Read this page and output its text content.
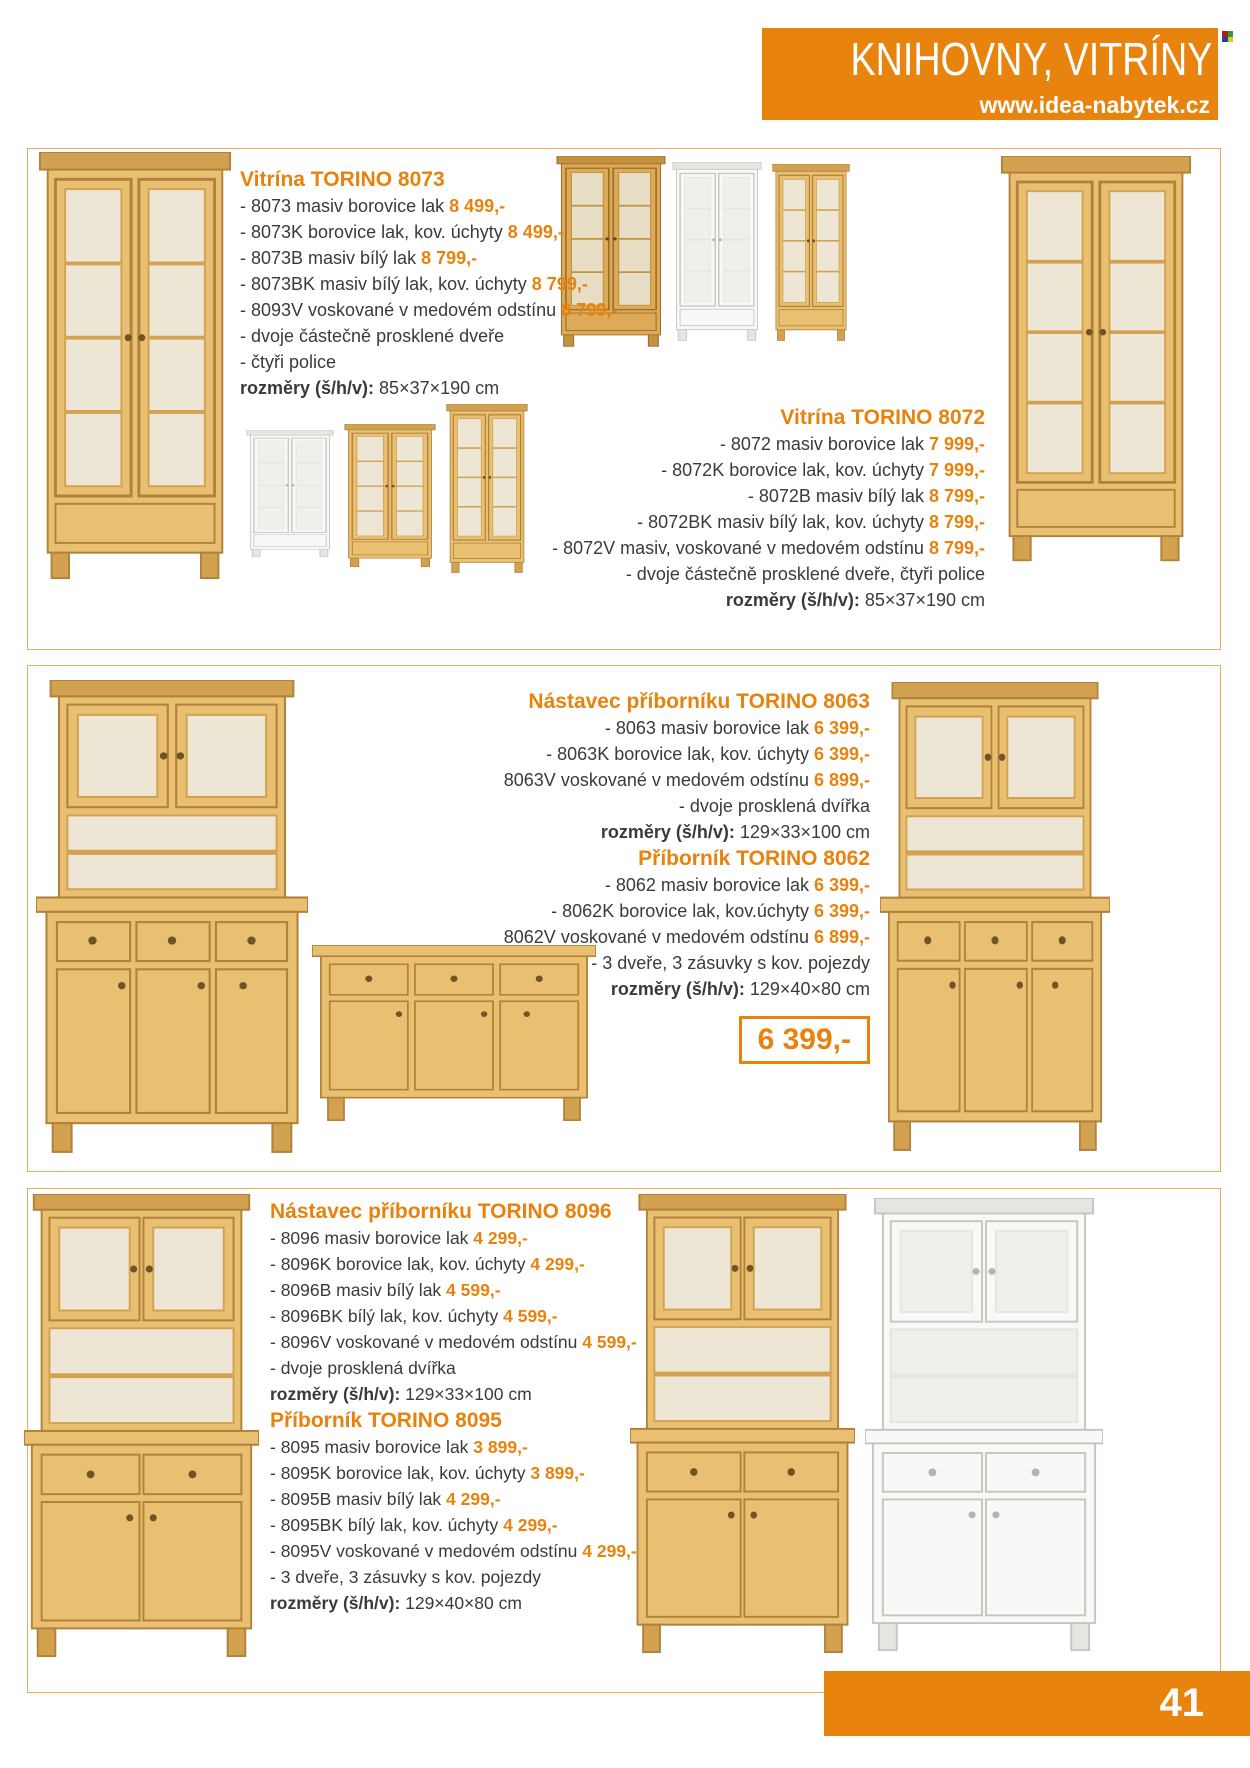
KNIHOVNY, VITRÍNY
www.idea-nabytek.cz
Vitrína TORINO 8073
- 8073 masiv borovice lak 8 499,-
- 8073K borovice lak, kov. úchyty 8 499,-
- 8073B masiv bílý lak 8 799,-
- 8073BK masiv bílý lak, kov. úchyty 8 799,-
- 8093V voskované v medovém odstínu 8 799,-
- dvoje částečně prosklené dveře
- čtyři police
rozměry (š/h/v): 85×37×190 cm
Vitrína TORINO 8072
- 8072 masiv borovice lak 7 999,-
- 8072K borovice lak, kov. úchyty 7 999,-
- 8072B masiv bílý lak 8 799,-
- 8072BK masiv bílý lak, kov. úchyty 8 799,-
- 8072V masiv, voskované v medovém odstínu 8 799,-
- dvoje částečně prosklené dveře, čtyři police
rozměry (š/h/v): 85×37×190 cm
Nástavec příborníku TORINO 8063
- 8063 masiv borovice lak 6 399,-
- 8063K borovice lak, kov. úchyty 6 399,-
8063V voskované v medovém odstínu 6 899,-
- dvoje prosklená dvířka
rozměry (š/h/v): 129×33×100 cm
Příborník TORINO 8062
- 8062 masiv borovice lak 6 399,-
- 8062K borovice lak, kov.úchyty 6 399,-
8062V voskované v medovém odstínu 6 899,-
- 3 dveře, 3 zásuvky s kov. pojezdy
rozměry (š/h/v): 129×40×80 cm
6 399,-
Nástavec příborníku TORINO 8096
- 8096 masiv borovice lak 4 299,-
- 8096K borovice lak, kov. úchyty 4 299,-
- 8096B masiv bílý lak 4 599,-
- 8096BK bílý lak, kov. úchyty 4 599,-
- 8096V voskované v medovém odstínu 4 599,-
- dvoje prosklená dvířka
rozměry (š/h/v): 129×33×100 cm
Příborník TORINO 8095
- 8095 masiv borovice lak 3 899,-
- 8095K borovice lak, kov. úchyty 3 899,-
- 8095B masiv bílý lak 4 299,-
- 8095BK bílý lak, kov. úchyty 4 299,-
- 8095V voskované v medovém odstínu 4 299,-
- 3 dveře, 3 zásuvky s kov. pojezdy
rozměry (š/h/v): 129×40×80 cm
41
